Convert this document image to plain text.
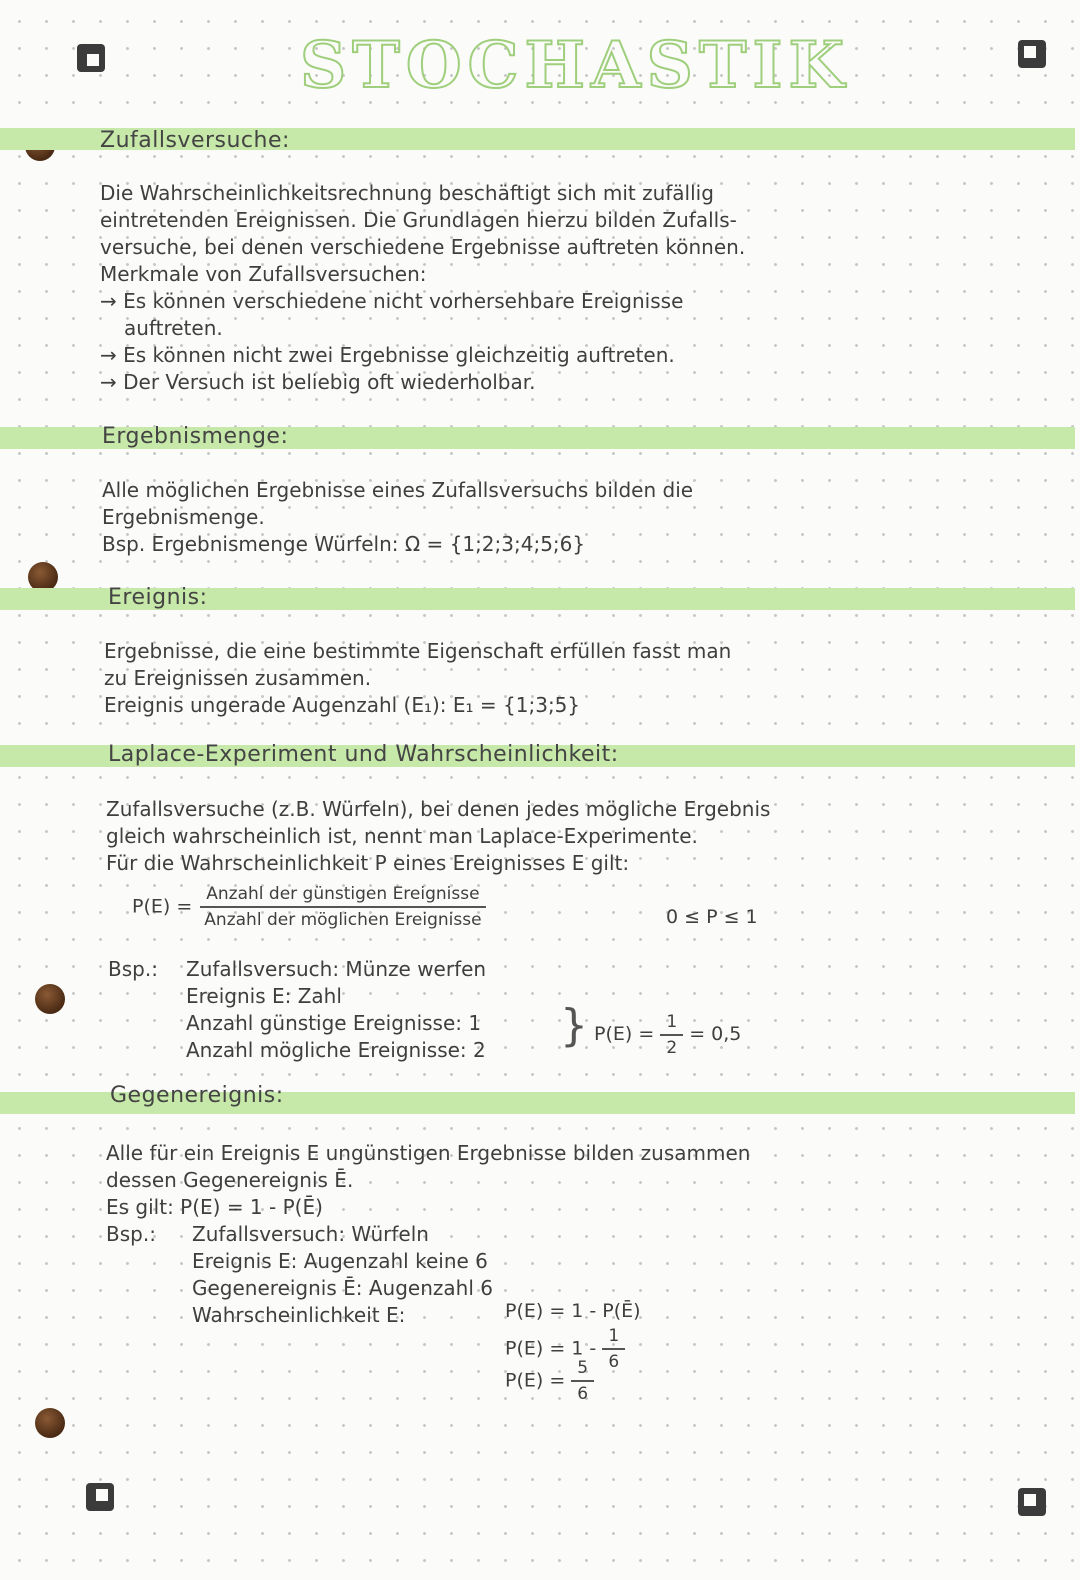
STOCHASTIK
Zufallsversuche:
Die Wahrscheinlichkeitsrechnung beschäftigt sich mit zufällig
eintretenden Ereignissen. Die Grundlagen hierzu bilden Zufalls-
versuche, bei denen verschiedene Ergebnisse auftreten können.
Merkmale von Zufallsversuchen:
→ Es können verschiedene nicht vorhersehbare Ereignisse
auftreten.
→ Es können nicht zwei Ergebnisse gleichzeitig auftreten.
→ Der Versuch ist beliebig oft wiederholbar.
Ergebnismenge:
Alle möglichen Ergebnisse eines Zufallsversuchs bilden die
Ergebnismenge.
Bsp. Ergebnismenge Würfeln: Ω = {1;2;3;4;5;6}
Ereignis:
Ergebnisse, die eine bestimmte Eigenschaft erfüllen fasst man
zu Ereignissen zusammen.
Ereignis ungerade Augenzahl (E₁): E₁ = {1;3;5}
Laplace-Experiment und Wahrscheinlichkeit:
Zufallsversuche (z.B. Würfeln), bei denen jedes mögliche Ergebnis
gleich wahrscheinlich ist, nennt man Laplace-Experimente.
Für die Wahrscheinlichkeit P eines Ereignisses E gilt:
$P(E) = \frac{\text{Anzahl der günstigen Ereignisse}}{\text{Anzahl der möglichen Ereignisse}}$	0 ≤ P ≤ 1
Bsp.:	Zufallsversuch: Münze werfen
Ereignis E: Zahl
Anzahl günstige Ereignisse: 1
Anzahl mögliche Ereignisse: 2	} $P(E) = \frac{1}{2} = 0,5$
Gegenereignis:
Alle für ein Ereignis E ungünstigen Ergebnisse bilden zusammen
dessen Gegenereignis Ē.
Es gilt: P(E) = 1 - P(Ē)
Bsp.:	Zufallsversuch: Würfeln
Ereignis E: Augenzahl keine 6
Gegenereignis Ē: Augenzahl 6
Wahrscheinlichkeit E:	P(E) = 1 - P(Ē)
$P(E) = 1 - \frac{1}{6}$
$P(E) = \frac{5}{6}$
